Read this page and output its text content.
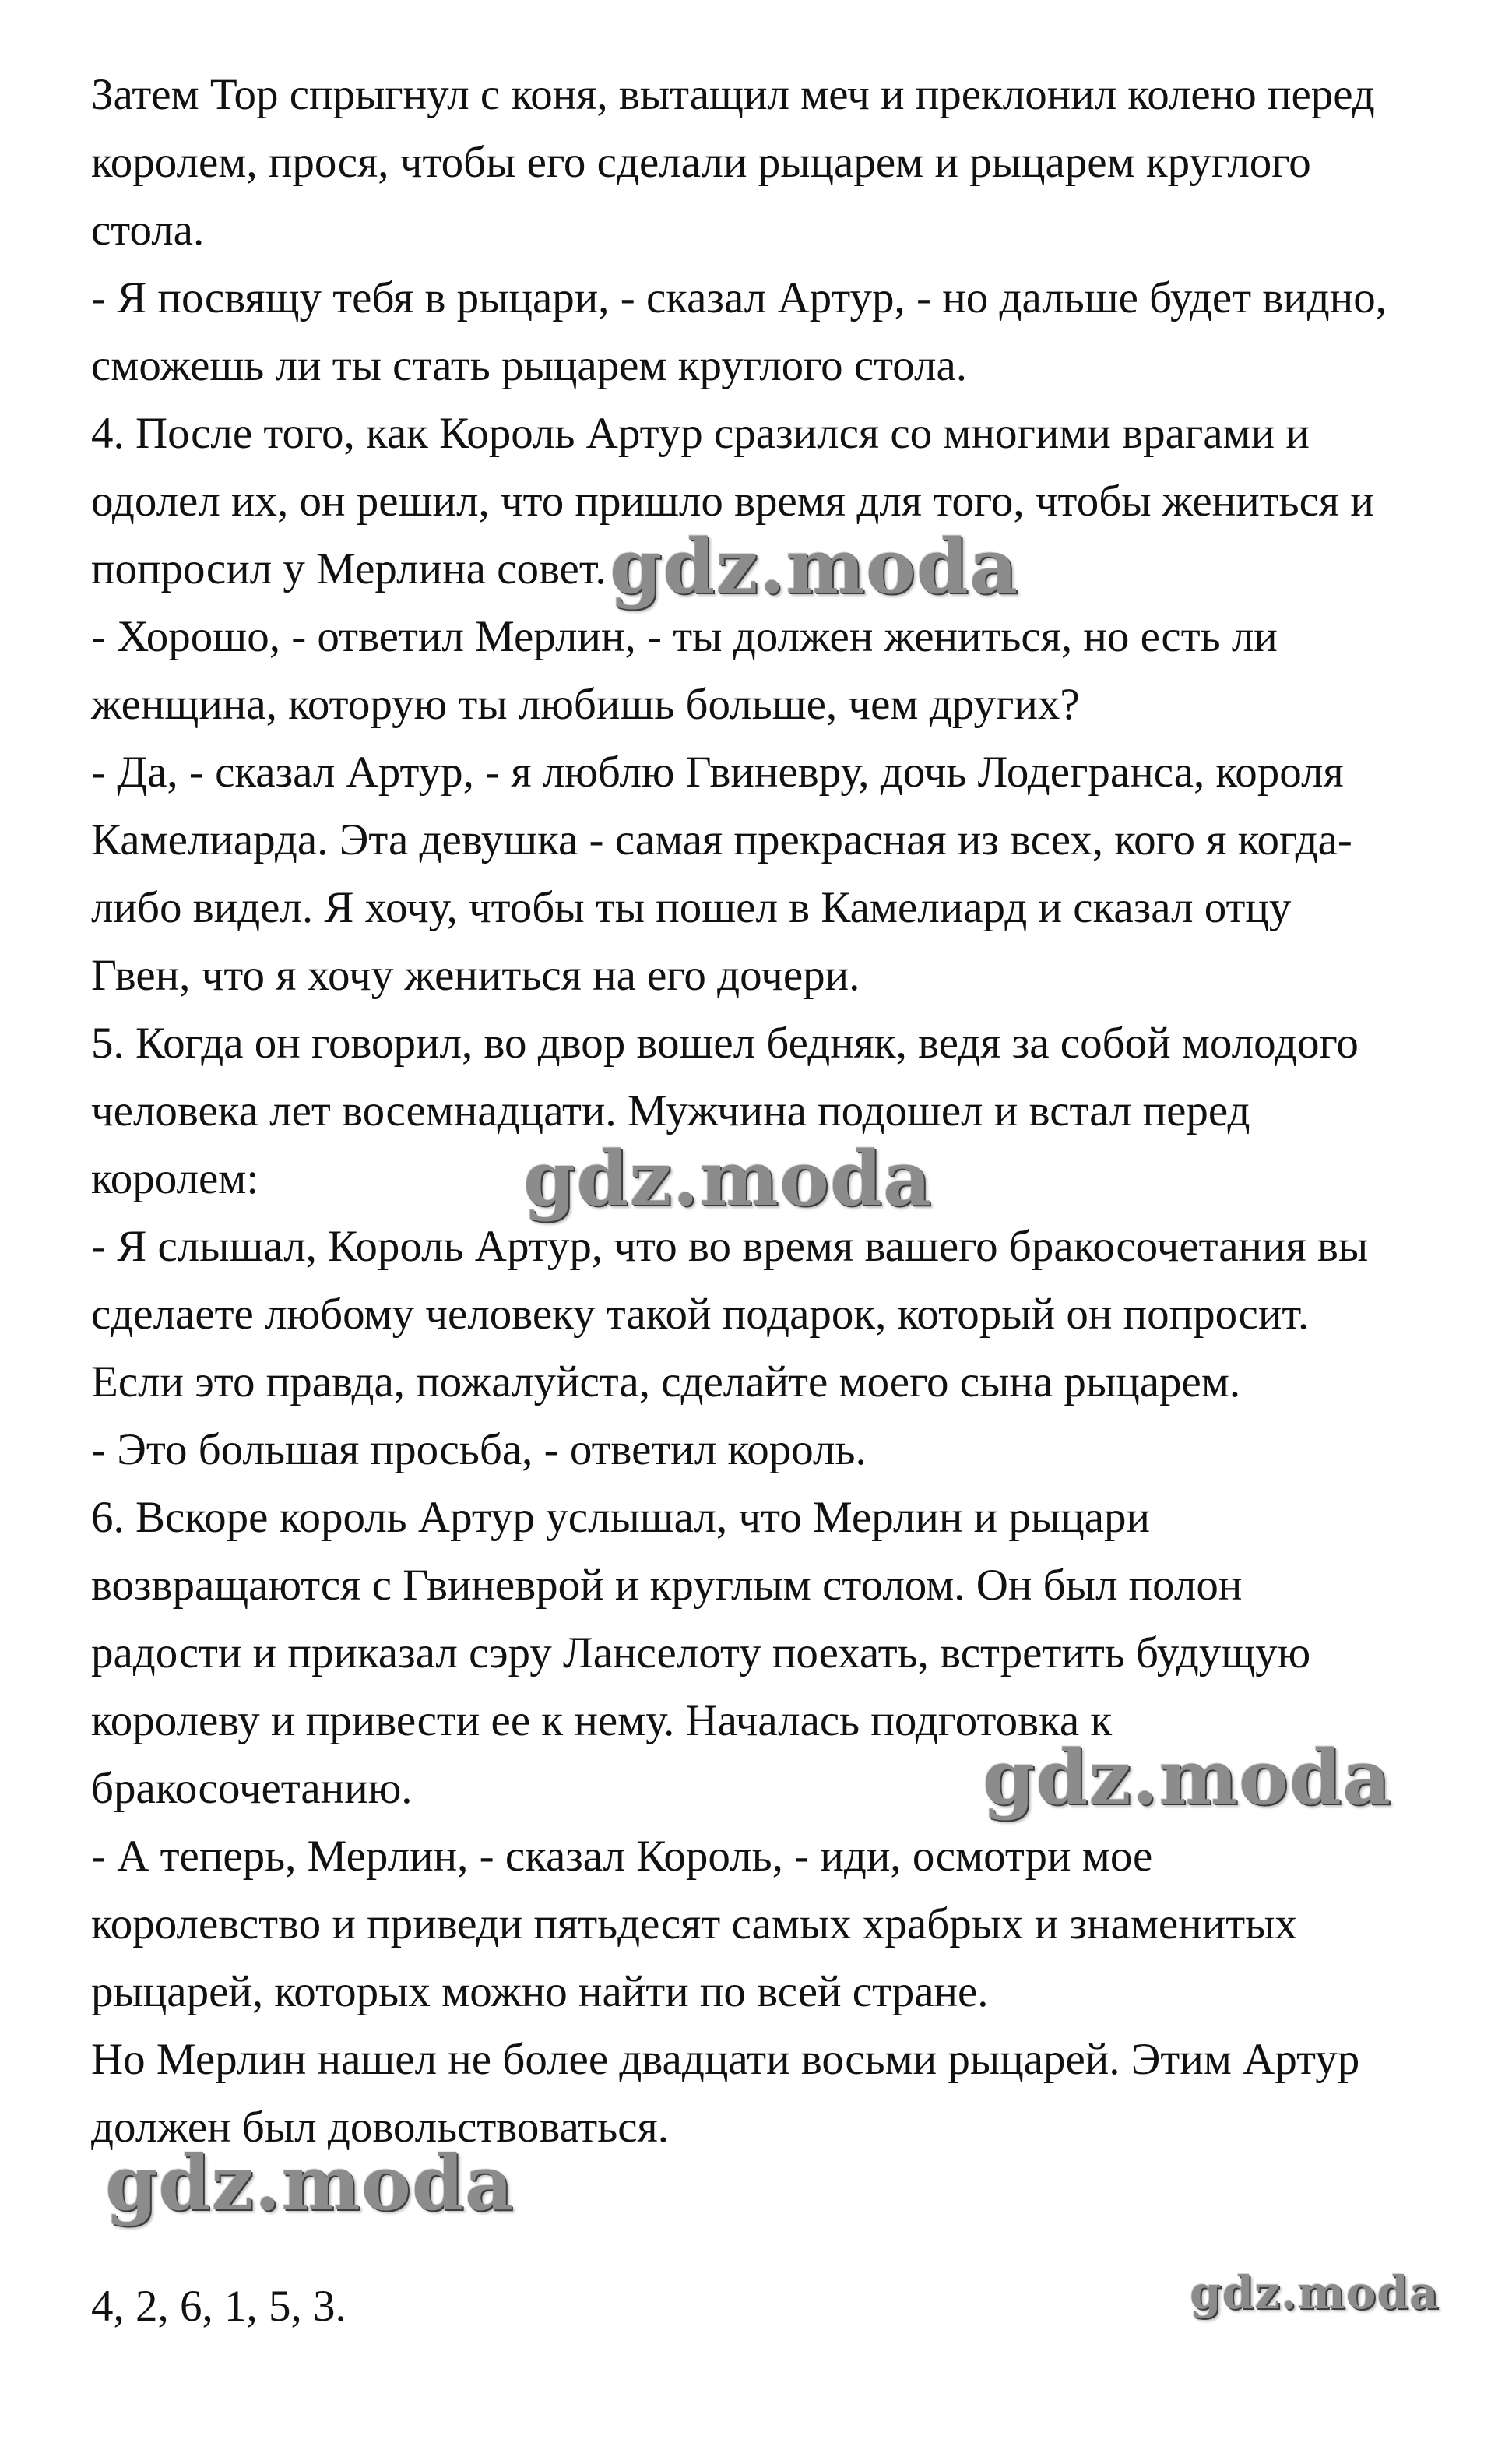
Затем Тор спрыгнул с коня, вытащил меч и преклонил колено перед
королем, прося, чтобы его сделали рыцарем и рыцарем круглого
стола.
- Я посвящу тебя в рыцари, - сказал Артур, - но дальше будет видно,
сможешь ли ты стать рыцарем круглого стола.
4. После того, как Король Артур сразился со многими врагами и
одолел их, он решил, что пришло время для того, чтобы жениться и
попросил у Мерлина совет.
- Хорошо, - ответил Мерлин, - ты должен жениться, но есть ли
женщина, которую ты любишь больше, чем других?
- Да, - сказал Артур, - я люблю Гвиневру, дочь Лодегранса, короля
Камелиарда. Эта девушка - самая прекрасная из всех, кого я когда-
либо видел. Я хочу, чтобы ты пошел в Камелиард и сказал отцу
Гвен, что я хочу жениться на его дочери.
5. Когда он говорил, во двор вошел бедняк, ведя за собой молодого
человека лет восемнадцати. Мужчина подошел и встал перед
королем:
- Я слышал, Король Артур, что во время вашего бракосочетания вы
сделаете любому человеку такой подарок, который он попросит.
Если это правда, пожалуйста, сделайте моего сына рыцарем.
- Это большая просьба, - ответил король.
6. Вскоре король Артур услышал, что Мерлин и рыцари
возвращаются с Гвиневрой и круглым столом. Он был полон
радости и приказал сэру Ланселоту поехать, встретить будущую
королеву и привести ее к нему. Началась подготовка к
бракосочетанию.
- А теперь, Мерлин, - сказал Король, - иди, осмотри мое
королевство и приведи пятьдесят самых храбрых и знаменитых
рыцарей, которых можно найти по всей стране.
Но Мерлин нашел не более двадцати восьми рыцарей. Этим Артур
должен был довольствоваться.
4, 2, 6, 1, 5, 3.
gdz.moda
gdz.moda
gdz.moda
gdz.moda
gdz.moda
